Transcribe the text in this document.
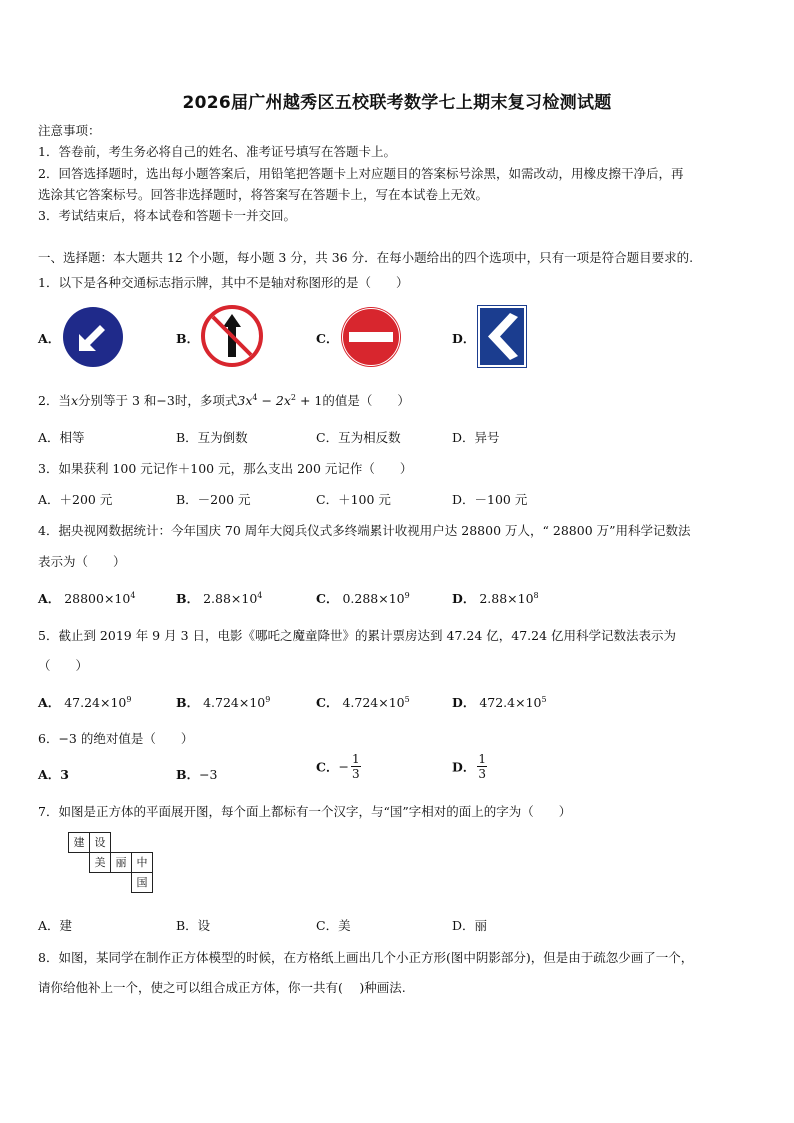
2026届广州越秀区五校联考数学七上期末复习检测试题
注意事项：
1．答卷前，考生务必将自己的姓名、准考证号填写在答题卡上。
2．回答选择题时，选出每小题答案后，用铅笔把答题卡上对应题目的答案标号涂黑，如需改动，用橡皮擦干净后，再
选涂其它答案标号。回答非选择题时，将答案写在答题卡上，写在本试卷上无效。
3．考试结束后，将本试卷和答题卡一并交回。
一、选择题：本大题共 12 个小题，每小题 3 分，共 36 分．在每小题给出的四个选项中，只有一项是符合题目要求的.
1．以下是各种交通标志指示牌，其中不是轴对称图形的是（　　）
A．	B．	C．	D．
2．当x分别等于 3 和−3时，多项式$3x^4 - 2x^2 + 1$的值是（　　）
A．相等	B．互为倒数	C．互为相反数	D．异号
3．如果获利 100 元记作＋100 元，那么支出 200 元记作（　　）
A．＋200 元	B．－200 元	C．＋100 元	D．－100 元
4．据央视网数据统计：今年国庆 70 周年大阅兵仪式多终端累计收视用户达 28800 万人，“ 28800 万”用科学记数法
表示为（　　）
A． $28800\times 10^4$	B． $2.88\times 10^4$	C． $0.288\times 10^9$	D． $2.88\times 10^8$
5．截止到 2019 年 9 月 3 日，电影《哪吒之魔童降世》的累计票房达到 47.24 亿，47.24 亿用科学记数法表示为
（　　）
A． $47.24\times 10^9$	B． $4.724\times 10^9$	C． $4.724\times 10^5$	D． $472.4\times 10^5$
6．−3 的绝对值是（　　）
A．3	B．−3	C．− $\frac{1}{3}$	D． $\frac{1}{3}$
7．如图是正方体的平面展开图，每个面上都标有一个汉字，与“国”字相对的面上的字为（　　）
建 设
美 丽 中
国
A．建	B．设	C．美	D．丽
8．如图，某同学在制作正方体模型的时候，在方格纸上画出几个小正方形(图中阴影部分)，但是由于疏忽少画了一个，
请你给他补上一个，使之可以组合成正方体，你一共有(　 )种画法.
